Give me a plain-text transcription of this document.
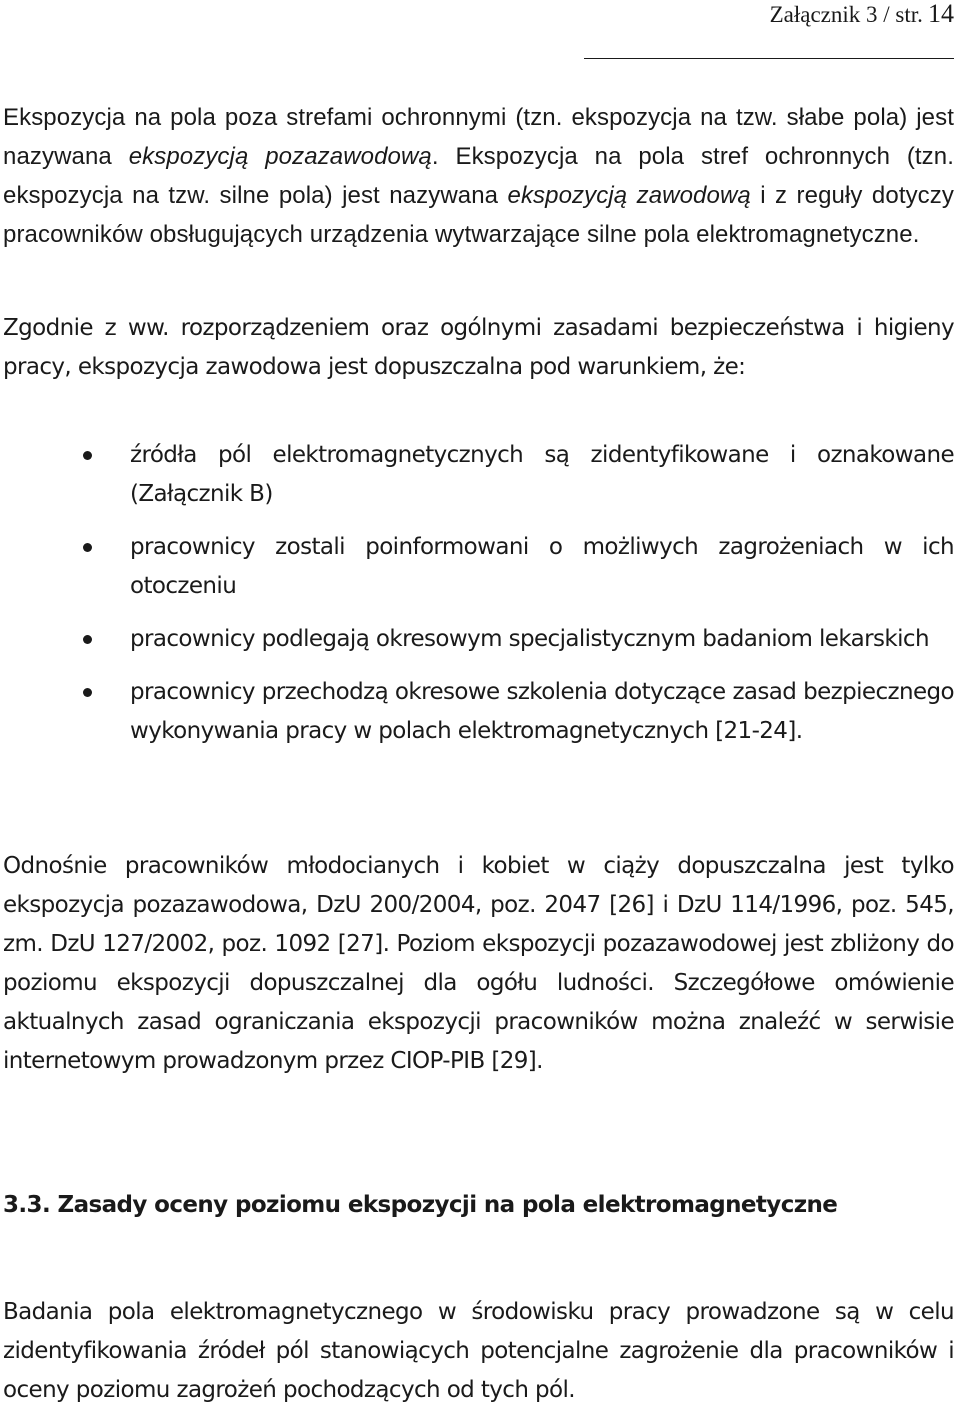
Załącznik 3 / str. 14

Ekspozycja na pola poza strefami ochronnymi (tzn. ekspozycja na tzw. słabe pola) jest nazywana ekspozycją pozazawodową. Ekspozycja na pola stref ochronnych (tzn. ekspozycja na tzw. silne pola) jest nazywana ekspozycją zawodową i z reguły dotyczy pracowników obsługujących urządzenia wytwarzające silne pola elektromagnetyczne.

Zgodnie z ww. rozporządzeniem oraz ogólnymi zasadami bezpieczeństwa i higieny pracy, ekspozycja zawodowa jest dopuszczalna pod warunkiem, że:

źródła pól elektromagnetycznych są zidentyfikowane i oznakowane (Załącznik B)
pracownicy zostali poinformowani o możliwych zagrożeniach w ich otoczeniu
pracownicy podlegają okresowym specjalistycznym badaniom lekarskich
pracownicy przechodzą okresowe szkolenia dotyczące zasad bezpiecznego wykonywania pracy w polach elektromagnetycznych [21-24].

Odnośnie pracowników młodocianych i kobiet w ciąży dopuszczalna jest tylko ekspozycja pozazawodowa, DzU 200/2004, poz. 2047 [26] i DzU 114/1996, poz. 545, zm. DzU 127/2002, poz. 1092 [27]. Poziom ekspozycji pozazawodowej jest zbliżony do poziomu ekspozycji dopuszczalnej dla ogółu ludności. Szczegółowe omówienie aktualnych zasad ograniczania ekspozycji pracowników można znaleźć w serwisie internetowym prowadzonym przez CIOP-PIB [29].

3.3. Zasady oceny poziomu ekspozycji na pola elektromagnetyczne

Badania pola elektromagnetycznego w środowisku pracy prowadzone są w celu zidentyfikowania źródeł pól stanowiących potencjalne zagrożenie dla pracowników i oceny poziomu zagrożeń pochodzących od tych pól.
